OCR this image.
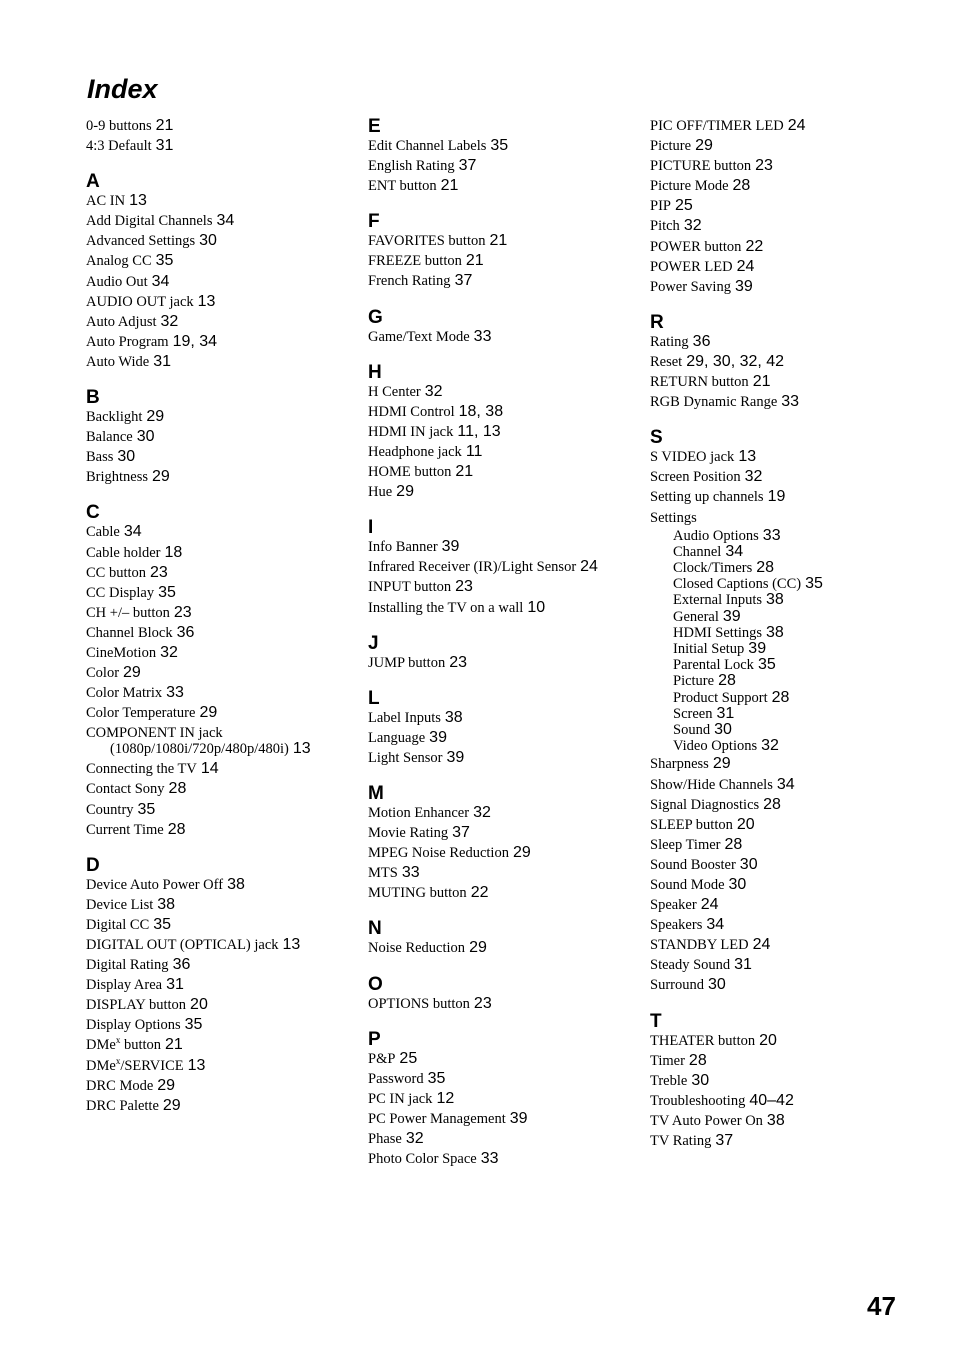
Index
0-9 buttons 21
4:3 Default 31
A
AC IN 13
Add Digital Channels 34
Advanced Settings 30
Analog CC 35
Audio Out 34
AUDIO OUT jack 13
Auto Adjust 32
Auto Program 19, 34
Auto Wide 31
B
Backlight 29
Balance 30
Bass 30
Brightness 29
C
Cable 34
Cable holder 18
CC button 23
CC Display 35
CH +/– button 23
Channel Block 36
CineMotion 32
Color 29
Color Matrix 33
Color Temperature 29
COMPONENT IN jack (1080p/1080i/720p/480p/480i) 13
Connecting the TV 14
Contact Sony 28
Country 35
Current Time 28
D
Device Auto Power Off 38
Device List 38
Digital CC 35
DIGITAL OUT (OPTICAL) jack 13
Digital Rating 36
Display Area 31
DISPLAY button 20
Display Options 35
DMe$^x$ button 21
DMe$^x$/SERVICE 13
DRC Mode 29
DRC Palette 29
E
Edit Channel Labels 35
English Rating 37
ENT button 21
F
FAVORITES button 21
FREEZE button 21
French Rating 37
G
Game/Text Mode 33
H
H Center 32
HDMI Control 18, 38
HDMI IN jack 11, 13
Headphone jack 11
HOME button 21
Hue 29
I
Info Banner 39
Infrared Receiver (IR)/Light Sensor 24
INPUT button 23
Installing the TV on a wall 10
J
JUMP button 23
L
Label Inputs 38
Language 39
Light Sensor 39
M
Motion Enhancer 32
Movie Rating 37
MPEG Noise Reduction 29
MTS 33
MUTING button 22
N
Noise Reduction 29
O
OPTIONS button 23
P
P&P 25
Password 35
PC IN jack 12
PC Power Management 39
Phase 32
Photo Color Space 33
PIC OFF/TIMER LED 24
Picture 29
PICTURE button 23
Picture Mode 28
PIP 25
Pitch 32
POWER button 22
POWER LED 24
Power Saving 39
R
Rating 36
Reset 29, 30, 32, 42
RETURN button 21
RGB Dynamic Range 33
S
S VIDEO jack 13
Screen Position 32
Setting up channels 19
Settings
Audio Options 33
Channel 34
Clock/Timers 28
Closed Captions (CC) 35
External Inputs 38
General 39
HDMI Settings 38
Initial Setup 39
Parental Lock 35
Picture 28
Product Support 28
Screen 31
Sound 30
Video Options 32
Sharpness 29
Show/Hide Channels 34
Signal Diagnostics 28
SLEEP button 20
Sleep Timer 28
Sound Booster 30
Sound Mode 30
Speaker 24
Speakers 34
STANDBY LED 24
Steady Sound 31
Surround 30
T
THEATER button 20
Timer 28
Treble 30
Troubleshooting 40–42
TV Auto Power On 38
TV Rating 37
47
